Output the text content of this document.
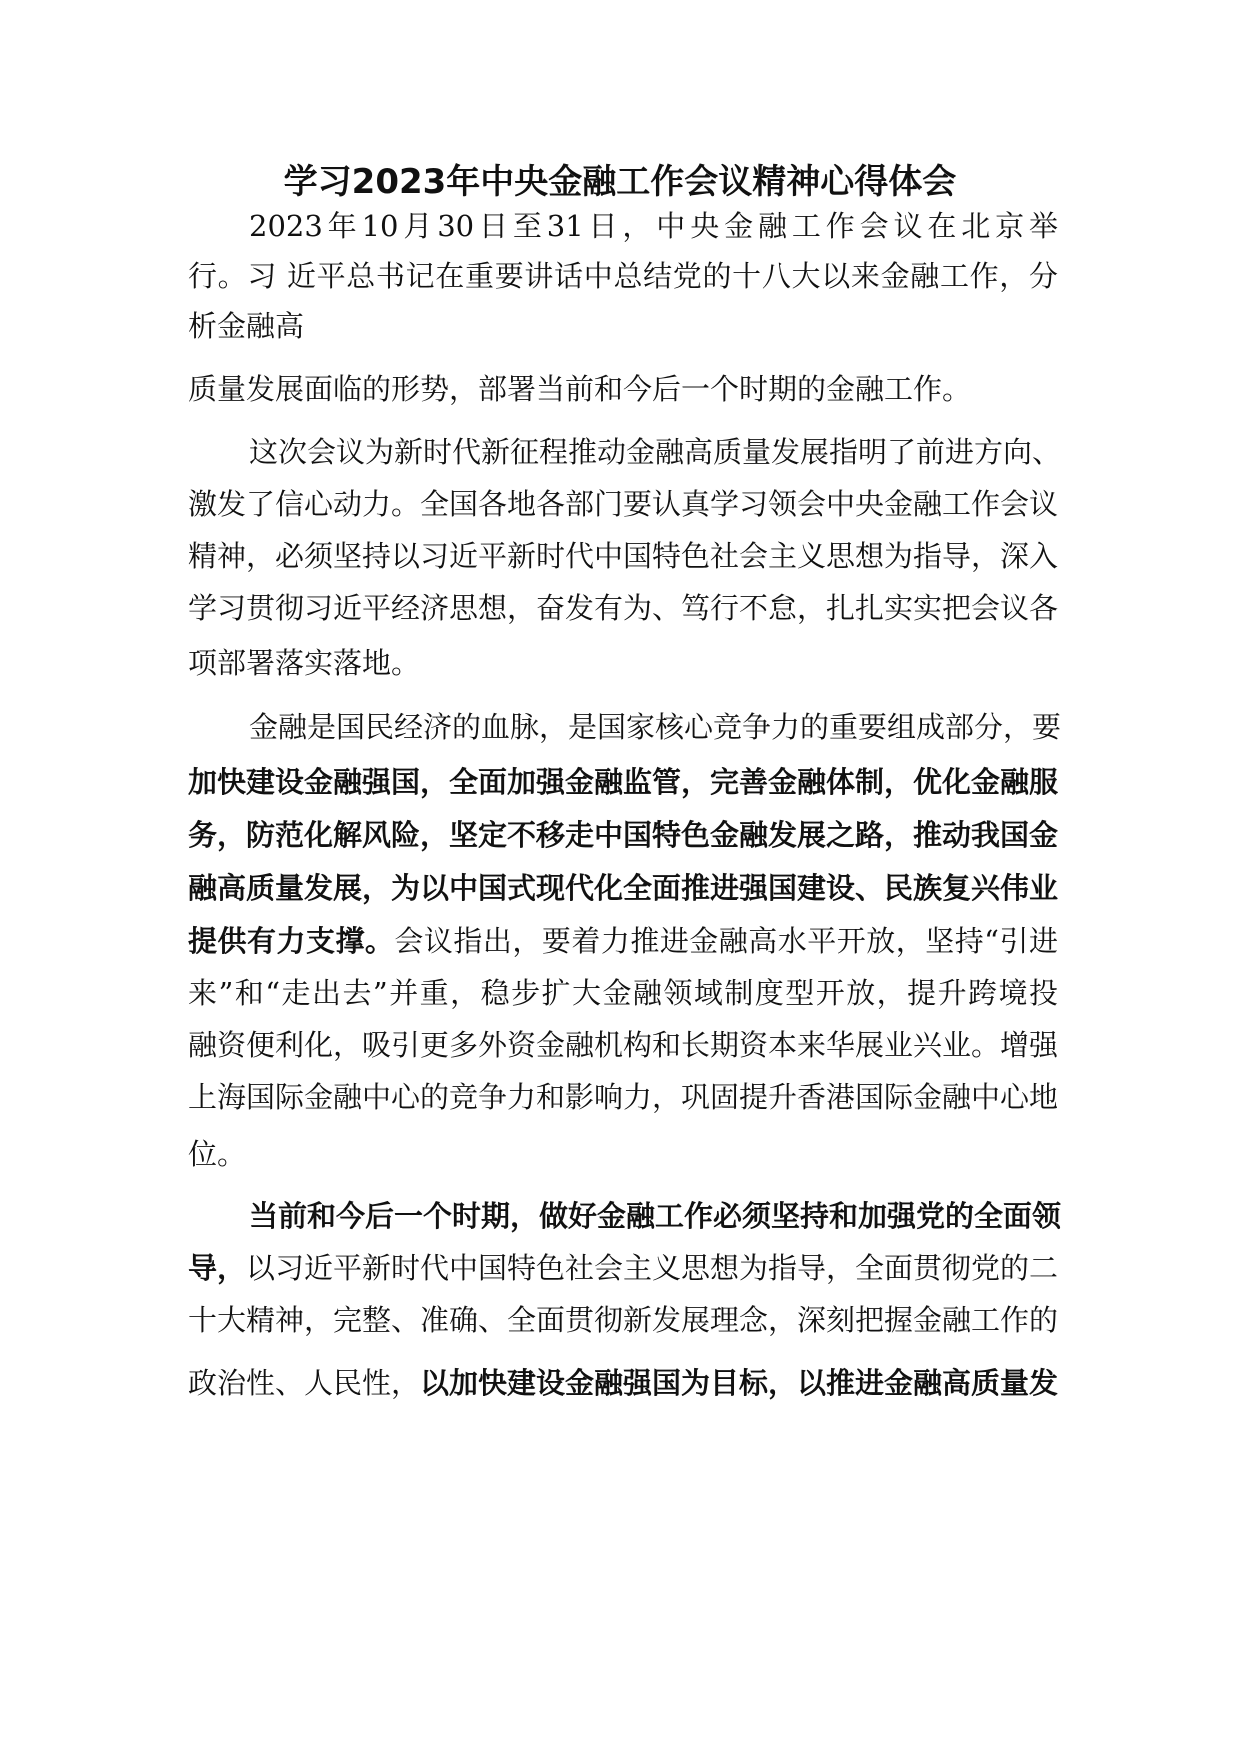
学习2023年中央金融工作会议精神心得体会

2023年10月30日至31日，中央金融工作会议在北京举

行。习 近平总书记在重要讲话中总结党的十八大以来金融工作，分

析金融高

质量发展面临的形势，部署当前和今后一个时期的金融工作。

这次会议为新时代新征程推动金融高质量发展指明了前进方向、

激发了信心动力。全国各地各部门要认真学习领会中央金融工作会议

精神，必须坚持以习近平新时代中国特色社会主义思想为指导，深入

学习贯彻习近平经济思想，奋发有为、笃行不怠，扎扎实实把会议各

项部署落实落地。

金融是国民经济的血脉，是国家核心竞争力的重要组成部分，要

加快建设金融强国，全面加强金融监管，完善金融体制，优化金融服

务，防范化解风险，坚定不移走中国特色金融发展之路，推动我国金

融高质量发展，为以中国式现代化全面推进强国建设、民族复兴伟业

提供有力支撑。会议指出，要着力推进金融高水平开放，坚持“引进

来”和“走出去”并重，稳步扩大金融领域制度型开放，提升跨境投

融资便利化，吸引更多外资金融机构和长期资本来华展业兴业。增强

上海国际金融中心的竞争力和影响力，巩固提升香港国际金融中心地

位。

当前和今后一个时期，做好金融工作必须坚持和加强党的全面领

导，以习近平新时代中国特色社会主义思想为指导，全面贯彻党的二

十大精神，完整、准确、全面贯彻新发展理念，深刻把握金融工作的

政治性、人民性，以加快建设金融强国为目标，以推进金融高质量发
